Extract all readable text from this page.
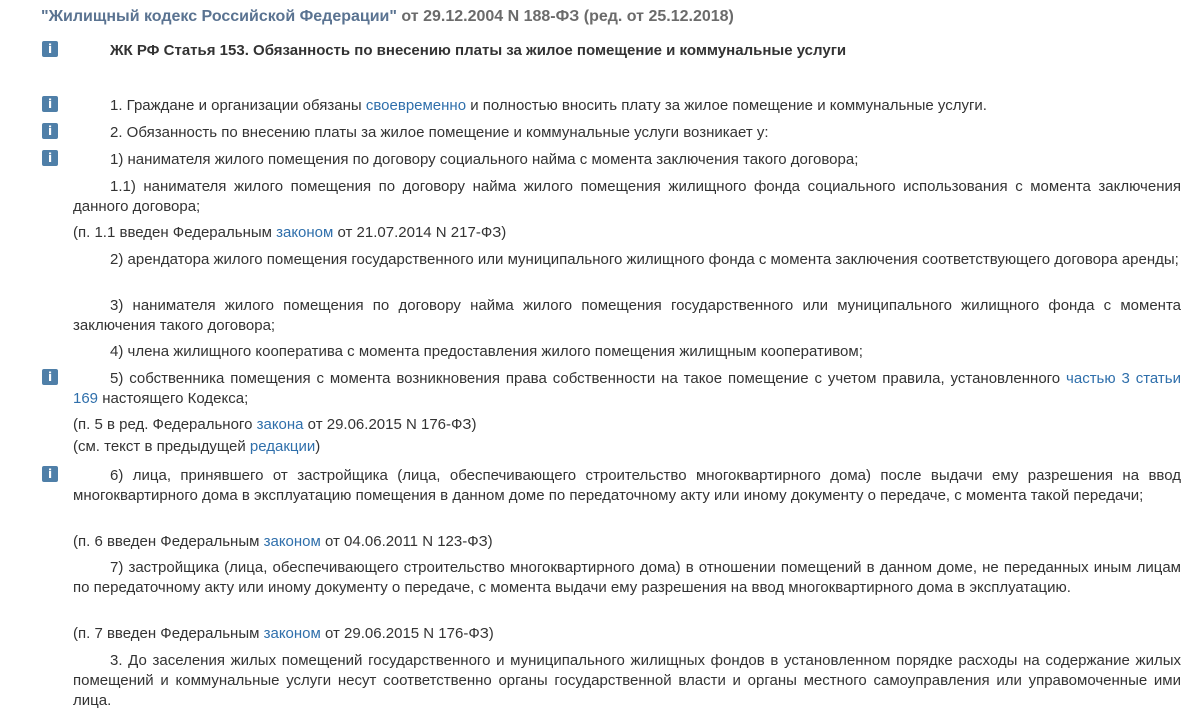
"Жилищный кодекс Российской Федерации" от 29.12.2004 N 188-ФЗ (ред. от 25.12.2018)
i	ЖК РФ Статья 153. Обязанность по внесению платы за жилое помещение и коммунальные услуги
i	1. Граждане и организации обязаны своевременно и полностью вносить плату за жилое помещение и коммунальные услуги.
i	2. Обязанность по внесению платы за жилое помещение и коммунальные услуги возникает у:
i	1) нанимателя жилого помещения по договору социального найма с момента заключения такого договора;
1.1) нанимателя жилого помещения по договору найма жилого помещения жилищного фонда социального использования с момента заключения данного договора;
(п. 1.1 введен Федеральным законом от 21.07.2014 N 217-ФЗ)
2) арендатора жилого помещения государственного или муниципального жилищного фонда с момента заключения соответствующего договора аренды;
3) нанимателя жилого помещения по договору найма жилого помещения государственного или муниципального жилищного фонда с момента заключения такого договора;
4) члена жилищного кооператива с момента предоставления жилого помещения жилищным кооперативом;
i	5) собственника помещения с момента возникновения права собственности на такое помещение с учетом правила, установленного частью 3 статьи 169 настоящего Кодекса;
(п. 5 в ред. Федерального закона от 29.06.2015 N 176-ФЗ)
(см. текст в предыдущей редакции)
i	6) лица, принявшего от застройщика (лица, обеспечивающего строительство многоквартирного дома) после выдачи ему разрешения на ввод многоквартирного дома в эксплуатацию помещения в данном доме по передаточному акту или иному документу о передаче, с момента такой передачи;
(п. 6 введен Федеральным законом от 04.06.2011 N 123-ФЗ)
7) застройщика (лица, обеспечивающего строительство многоквартирного дома) в отношении помещений в данном доме, не переданных иным лицам по передаточному акту или иному документу о передаче, с момента выдачи ему разрешения на ввод многоквартирного дома в эксплуатацию.
(п. 7 введен Федеральным законом от 29.06.2015 N 176-ФЗ)
3. До заселения жилых помещений государственного и муниципального жилищных фондов в установленном порядке расходы на содержание жилых помещений и коммунальные услуги несут соответственно органы государственной власти и органы местного самоуправления или управомоченные ими лица.
